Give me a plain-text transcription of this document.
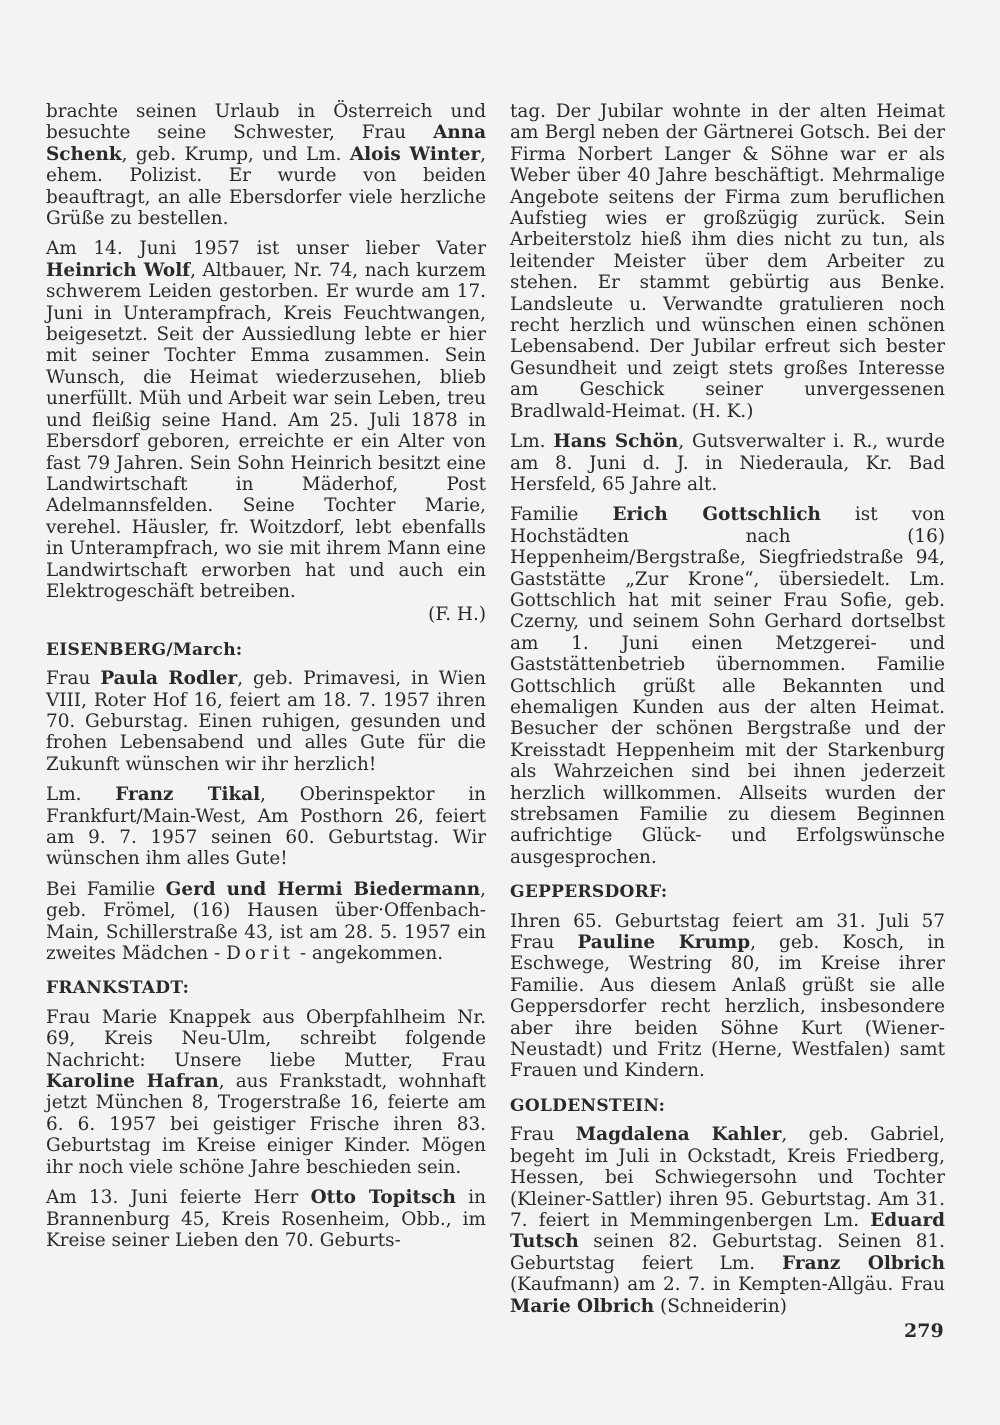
brachte seinen Urlaub in Österreich und besuchte seine Schwester, Frau Anna Schenk, geb. Krump, und Lm. Alois Winter, ehem. Polizist. Er wurde von beiden beauftragt, an alle Ebersdorfer viele herzliche Grüße zu bestellen.

Am 14. Juni 1957 ist unser lieber Vater Heinrich Wolf, Altbauer, Nr. 74, nach kurzem schwerem Leiden gestorben. Er wurde am 17. Juni in Unterampfrach, Kreis Feuchtwangen, beigesetzt. Seit der Aussiedlung lebte er hier mit seiner Tochter Emma zusammen. Sein Wunsch, die Heimat wiederzusehen, blieb unerfüllt. Müh und Arbeit war sein Leben, treu und fleißig seine Hand. Am 25. Juli 1878 in Ebersdorf geboren, erreichte er ein Alter von fast 79 Jahren. Sein Sohn Heinrich besitzt eine Landwirtschaft in Mäderhof, Post Adelmannsfelden. Seine Tochter Marie, verehel. Häusler, fr. Woitzdorf, lebt ebenfalls in Unterampfrach, wo sie mit ihrem Mann eine Landwirtschaft erworben hat und auch ein Elektrogeschäft betreiben.

(F. H.)
EISENBERG/March:

Frau Paula Rodler, geb. Primavesi, in Wien VIII, Roter Hof 16, feiert am 18. 7. 1957 ihren 70. Geburstag. Einen ruhigen, gesunden und frohen Lebensabend und alles Gute für die Zukunft wünschen wir ihr herzlich!

Lm. Franz Tikal, Oberinspektor in Frankfurt/Main-West, Am Posthorn 26, feiert am 9. 7. 1957 seinen 60. Geburtstag. Wir wünschen ihm alles Gute!

Bei Familie Gerd und Hermi Biedermann, geb. Frömel, (16) Hausen über·Offenbach-Main, Schillerstraße 43, ist am 28. 5. 1957 ein zweites Mädchen - Dorit - angekommen.

FRANKSTADT:

Frau Marie Knappek aus Oberpfahlheim Nr. 69, Kreis Neu-Ulm, schreibt folgende Nachricht: Unsere liebe Mutter, Frau Karoline Hafran, aus Frankstadt, wohnhaft jetzt München 8, Trogerstraße 16, feierte am 6. 6. 1957 bei geistiger Frische ihren 83. Geburtstag im Kreise einiger Kinder. Mögen ihr noch viele schöne Jahre beschieden sein.

Am 13. Juni feierte Herr Otto Topitsch in Brannenburg 45, Kreis Rosenheim, Obb., im Kreise seiner Lieben den 70. Geburts-

tag. Der Jubilar wohnte in der alten Heimat am Bergl neben der Gärtnerei Gotsch. Bei der Firma Norbert Langer & Söhne war er als Weber über 40 Jahre beschäftigt. Mehrmalige Angebote seitens der Firma zum beruflichen Aufstieg wies er großzügig zurück. Sein Arbeiterstolz hieß ihm dies nicht zu tun, als leitender Meister über dem Arbeiter zu stehen. Er stammt gebürtig aus Benke. Landsleute u. Verwandte gratulieren noch recht herzlich und wünschen einen schönen Lebensabend. Der Jubilar erfreut sich bester Gesundheit und zeigt stets großes Interesse am Geschick seiner unvergessenen Bradlwald-Heimat. (H. K.)

Lm. Hans Schön, Gutsverwalter i. R., wurde am 8. Juni d. J. in Niederaula, Kr. Bad Hersfeld, 65 Jahre alt.

Familie Erich Gottschlich ist von Hochstädten nach (16) Heppenheim/Bergstraße, Siegfriedstraße 94, Gaststätte „Zur Krone“, übersiedelt. Lm. Gottschlich hat mit seiner Frau Sofie, geb. Czerny, und seinem Sohn Gerhard dortselbst am 1. Juni einen Metzgerei- und Gaststättenbetrieb übernommen. Familie Gottschlich grüßt alle Bekannten und ehemaligen Kunden aus der alten Heimat. Besucher der schönen Bergstraße und der Kreisstadt Heppenheim mit der Starkenburg als Wahrzeichen sind bei ihnen jederzeit herzlich willkommen. Allseits wurden der strebsamen Familie zu diesem Beginnen aufrichtige Glück- und Erfolgswünsche ausgesprochen.

GEPPERSDORF:

Ihren 65. Geburtstag feiert am 31. Juli 57 Frau Pauline Krump, geb. Kosch, in Eschwege, Westring 80, im Kreise ihrer Familie. Aus diesem Anlaß grüßt sie alle Geppersdorfer recht herzlich, insbesondere aber ihre beiden Söhne Kurt (Wiener-Neustadt) und Fritz (Herne, Westfalen) samt Frauen und Kindern.

GOLDENSTEIN:

Frau Magdalena Kahler, geb. Gabriel, begeht im Juli in Ockstadt, Kreis Friedberg, Hessen, bei Schwiegersohn und Tochter (Kleiner-Sattler) ihren 95. Geburtstag. Am 31. 7. feiert in Memmingenbergen Lm. Eduard Tutsch seinen 82. Geburtstag. Seinen 81. Geburtstag feiert Lm. Franz Olbrich (Kaufmann) am 2. 7. in Kempten-Allgäu. Frau Marie Olbrich (Schneiderin)

279
